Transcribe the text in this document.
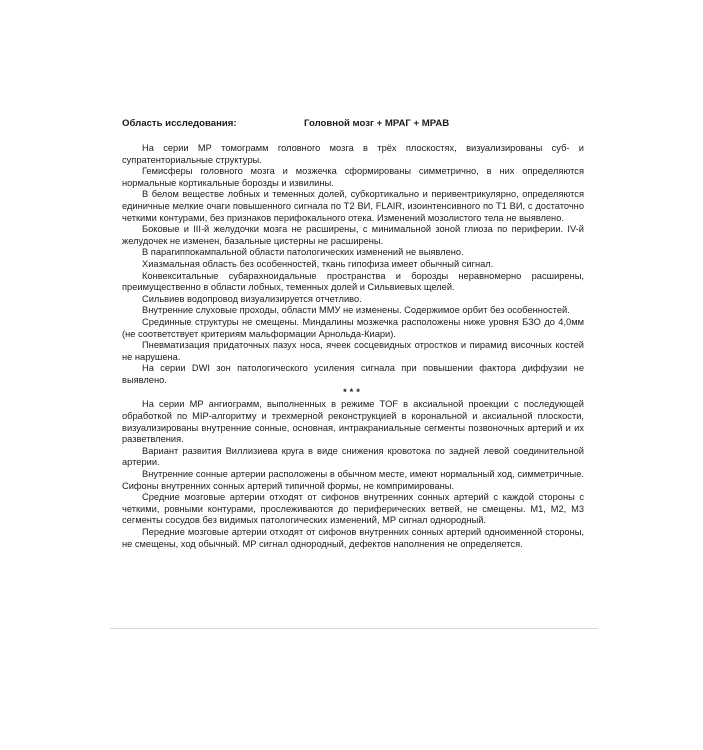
Область исследования:	Головной мозг + МРАГ + МРАВ

На серии МР томограмм головного мозга в трёх плоскостях, визуализированы суб- и супратенториальные структуры.

Гемисферы головного мозга и мозжечка сформированы симметрично, в них определяются нормальные кортикальные борозды и извилины.

В белом веществе лобных и теменных долей, субкортикально и перивентрикулярно, определяются единичные мелкие очаги повышенного сигнала по Т2 ВИ, FLAIR, изоинтенсивного по Т1 ВИ, с достаточно четкими контурами, без признаков перифокального отека. Изменений мозолистого тела не выявлено.

Боковые и III-й желудочки мозга не расширены, с минимальной зоной глиоза по периферии. IV-й желудочек не изменен, базальные цистерны не расширены.

В парагиппокампальной области патологических изменений не выявлено.

Хиазмальная область без особенностей, ткань гипофиза имеет обычный сигнал.

Конвекситальные субарахноидальные пространства и борозды неравномерно расширены, преимущественно в области лобных, теменных долей и Сильвиевых щелей.

Сильвиев водопровод визуализируется отчетливо.

Внутренние слуховые проходы, области ММУ не изменены. Содержимое орбит без особенностей.

Срединные структуры не смещены. Миндалины мозжечка расположены ниже уровня БЗО до 4,0мм (не соответствует критериям мальформации Арнольда-Киари).

Пневматизация придаточных пазух носа, ячеек сосцевидных отростков и пирамид височных костей не нарушена.

На серии DWI зон патологического усиления сигнала при повышении фактора диффузии не выявлено.

***

На серии МР ангиограмм, выполненных в режиме TOF в аксиальной проекции с последующей обработкой по MIP-алгоритму и трехмерной реконструкцией в корональной и аксиальной плоскости, визуализированы внутренние сонные, основная, интракраниальные сегменты позвоночных артерий и их разветвления.

Вариант развития Виллизиева круга в виде снижения кровотока по задней левой соединительной артерии.

Внутренние сонные артерии расположены в обычном месте, имеют нормальный ход, симметричные. Сифоны внутренних сонных артерий типичной формы, не компримированы.

Средние мозговые артерии отходят от сифонов внутренних сонных артерий с каждой стороны с четкими, ровными контурами, прослеживаются до периферических ветвей, не смещены. М1, М2, М3 сегменты сосудов без видимых патологических изменений, МР сигнал однородный.

Передние мозговые артерии отходят от сифонов внутренних сонных артерий одноименной стороны, не смещены, ход обычный. МР сигнал однородный, дефектов наполнения не определяется.
